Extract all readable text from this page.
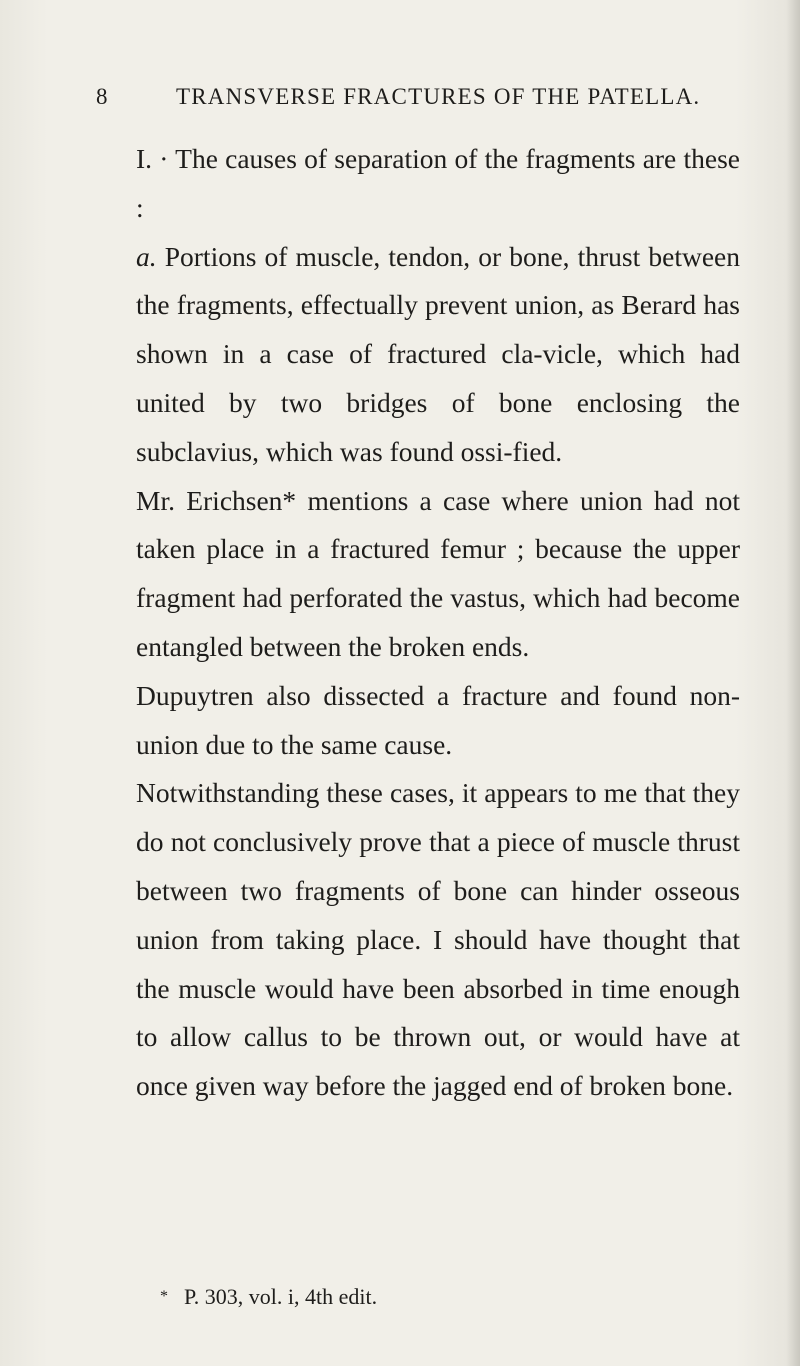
8	TRANSVERSE FRACTURES OF THE PATELLA.

I. · The causes of separation of the fragments are these :

a. Portions of muscle, tendon, or bone, thrust between the fragments, effectually prevent union, as Berard has shown in a case of fractured cla-vicle, which had united by two bridges of bone enclosing the subclavius, which was found ossi-fied.

Mr. Erichsen* mentions a case where union had not taken place in a fractured femur ; because the upper fragment had perforated the vastus, which had become entangled between the broken ends.

Dupuytren also dissected a fracture and found non-union due to the same cause.

Notwithstanding these cases, it appears to me that they do not conclusively prove that a piece of muscle thrust between two fragments of bone can hinder osseous union from taking place. I should have thought that the muscle would have been absorbed in time enough to allow callus to be thrown out, or would have at once given way before the jagged end of broken bone.

* P. 303, vol. i, 4th edit.
